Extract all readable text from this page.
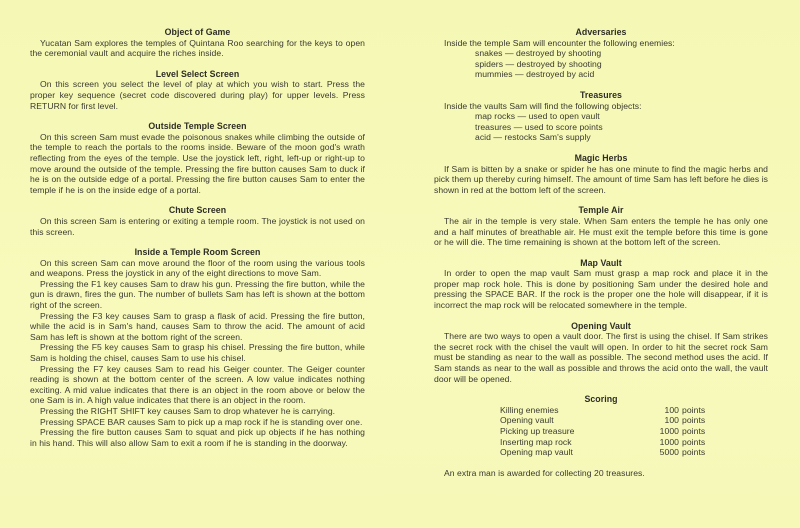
Object of Game

Yucatan Sam explores the temples of Quintana Roo searching for the keys to open the ceremonial vault and acquire the riches inside.

Level Select Screen

On this screen you select the level of play at which you wish to start. Press the proper key sequence (secret code discovered during play) for upper levels. Press RETURN for first level.

Outside Temple Screen

On this screen Sam must evade the poisonous snakes while climbing the outside of the temple to reach the portals to the rooms inside. Beware of the moon god's wrath reflecting from the eyes of the temple. Use the joystick left, right, left-up or right-up to move around the outside of the temple. Pressing the fire button causes Sam to duck if he is on the outside edge of a portal. Pressing the fire button causes Sam to enter the temple if he is on the inside edge of a portal.

Chute Screen

On this screen Sam is entering or exiting a temple room. The joystick is not used on this screen.

Inside a Temple Room Screen

On this screen Sam can move around the floor of the room using the various tools and weapons. Press the joystick in any of the eight directions to move Sam.

Pressing the F1 key causes Sam to draw his gun. Pressing the fire button, while the gun is drawn, fires the gun. The number of bullets Sam has left is shown at the bottom right of the screen.

Pressing the F3 key causes Sam to grasp a flask of acid. Pressing the fire button, while the acid is in Sam's hand, causes Sam to throw the acid. The amount of acid Sam has left is shown at the bottom right of the screen.

Pressing the F5 key causes Sam to grasp his chisel. Pressing the fire button, while Sam is holding the chisel, causes Sam to use his chisel.

Pressing the F7 key causes Sam to read his Geiger counter. The Geiger counter reading is shown at the bottom center of the screen. A low value indicates nothing exciting. A mid value indicates that there is an object in the room above or below the one Sam is in. A high value indicates that there is an object in the room.

Pressing the RIGHT SHIFT key causes Sam to drop whatever he is carrying.

Pressing SPACE BAR causes Sam to pick up a map rock if he is standing over one.

Pressing the fire button causes Sam to squat and pick up objects if he has nothing in his hand. This will also allow Sam to exit a room if he is standing in the doorway.

Adversaries

Inside the temple Sam will encounter the following enemies:

snakes — destroyed by shooting
spiders — destroyed by shooting
mummies — destroyed by acid
Treasures

Inside the vaults Sam will find the following objects:

map rocks — used to open vault
treasures — used to score points
acid — restocks Sam's supply
Magic Herbs

If Sam is bitten by a snake or spider he has one minute to find the magic herbs and pick them up thereby curing himself. The amount of time Sam has left before he dies is shown in red at the bottom left of the screen.

Temple Air

The air in the temple is very stale. When Sam enters the temple he has only one and a half minutes of breathable air. He must exit the temple before this time is gone or he will die. The time remaining is shown at the bottom left of the screen.

Map Vault

In order to open the map vault Sam must grasp a map rock and place it in the proper map rock hole. This is done by positioning Sam under the desired hole and pressing the SPACE BAR. If the rock is the proper one the hole will disappear, if it is incorrect the map rock will be relocated somewhere in the temple.

Opening Vault

There are two ways to open a vault door. The first is using the chisel. If Sam strikes the secret rock with the chisel the vault will open. In order to hit the secret rock Sam must be standing as near to the wall as possible. The second method uses the acid. If Sam stands as near to the wall as possible and throws the acid onto the wall, the vault door will be opened.

Scoring
Killing enemies	100	points
Opening vault	100	points
Picking up treasure	1000	points
Inserting map rock	1000	points
Opening map vault	5000	points

An extra man is awarded for collecting 20 treasures.
